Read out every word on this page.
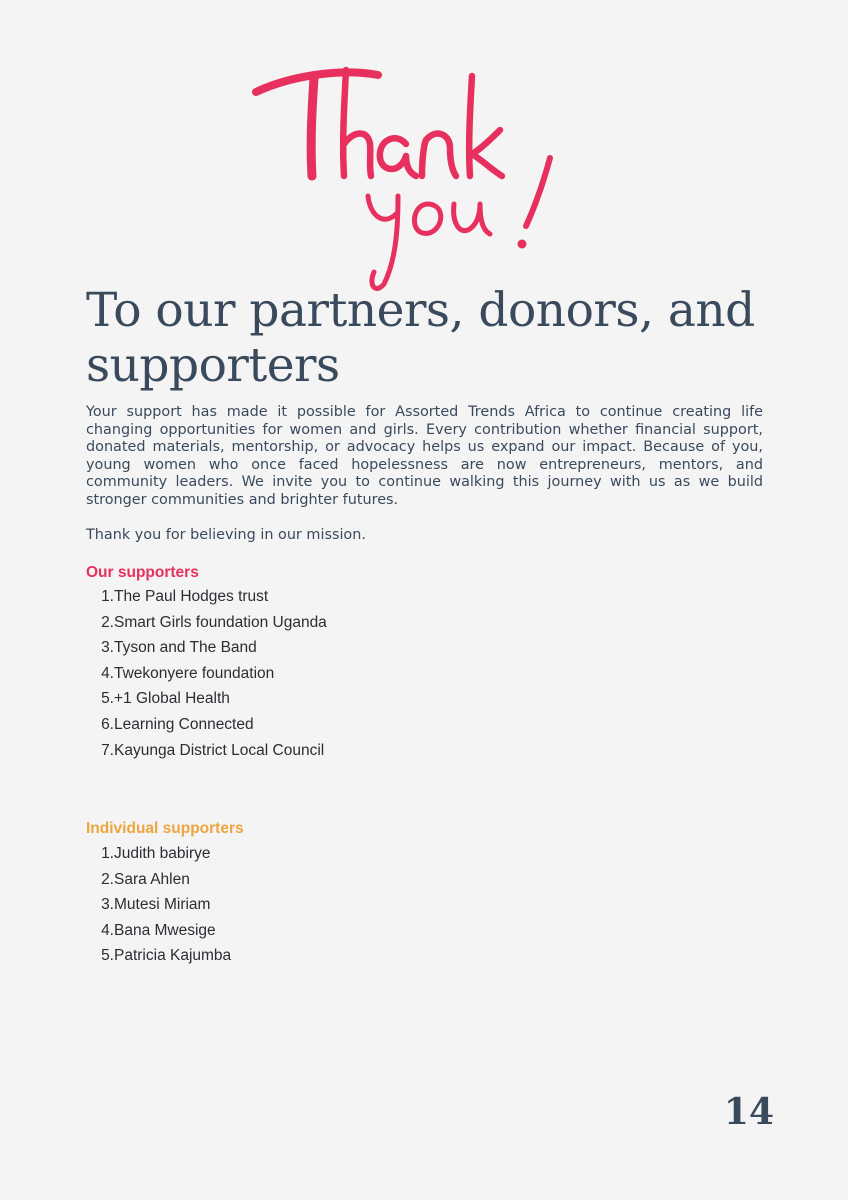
To our partners, donors, and supporters

Your support has made it possible for Assorted Trends Africa to continue creating life changing opportunities for women and girls. Every contribution whether financial support, donated materials, mentorship, or advocacy helps us expand our impact. Because of you, young women who once faced hopelessness are now entrepreneurs, mentors, and community leaders. We invite you to continue walking this journey with us as we build stronger communities and brighter futures.

Thank you for believing in our mission.

Our supporters
1.The Paul Hodges trust
2.Smart Girls foundation Uganda
3.Tyson and The Band
4.Twekonyere foundation
5.+1 Global Health
6.Learning Connected
7.Kayunga District Local Council
Individual supporters
1.Judith babirye
2.Sara Ahlen
3.Mutesi Miriam
4.Bana Mwesige
5.Patricia Kajumba
14
